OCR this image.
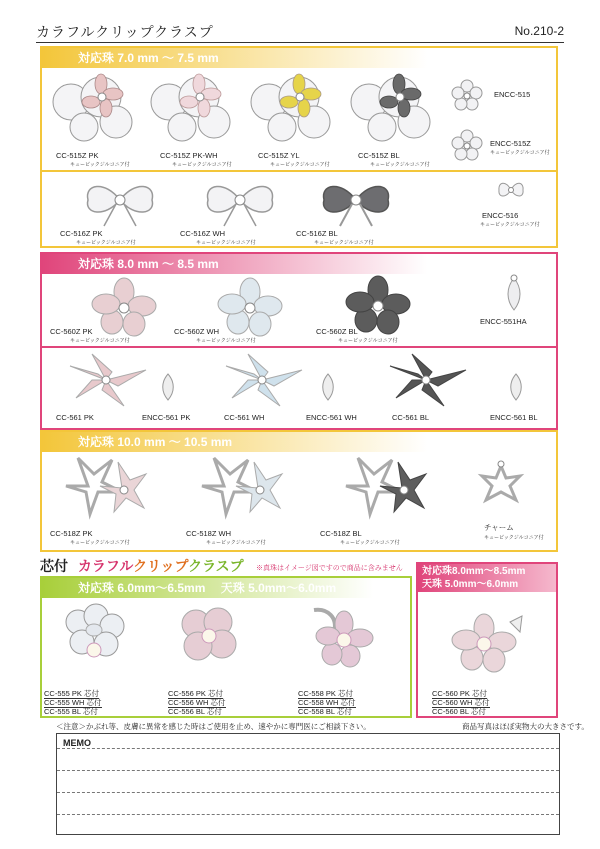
カラフルクリップクラスプ	No.210-2
対応珠 7.0 mm 〜 7.5 mm
CC-515Z PK
キュービックジルコニア付
CC-515Z PK-WH
キュービックジルコニア付
CC-515Z YL
キュービックジルコニア付
CC-515Z BL
キュービックジルコニア付
ENCC-515
ENCC-515Z
キュービックジルコニア付
CC-516Z PK
キュービックジルコニア付
CC-516Z WH
キュービックジルコニア付
CC-516Z BL
キュービックジルコニア付
ENCC-516
キュービックジルコニア付
対応珠 8.0 mm 〜 8.5 mm
CC-560Z PK
キュービックジルコニア付
CC-560Z WH
キュービックジルコニア付
CC-560Z BL
キュービックジルコニア付
ENCC-551HA
CC-561 PK	ENCC-561 PK	CC-561 WH	ENCC-561 WH	CC-561 BL	ENCC-561 BL
対応珠 10.0 mm 〜 10.5 mm
CC-518Z PK
キュービックジルコニア付
CC-518Z WH
キュービックジルコニア付
CC-518Z BL
キュービックジルコニア付
チャーム
キュービックジルコニア付
芯付 カラフルクリップクラスプ ※真珠はイメージ図ですので商品に含みません
対応珠 6.0mm〜6.5mm 天珠 5.0mm〜6.0mm
対応珠8.0mm〜8.5mm
天珠 5.0mm〜6.0mm
CC-555 PK 芯付
CC-555 WH 芯付
CC-555 BL 芯付
CC-556 PK 芯付
CC-556 WH 芯付
CC-556 BL 芯付
CC-558 PK 芯付
CC-558 WH 芯付
CC-558 BL 芯付
CC-560 PK 芯付
CC-560 WH 芯付
CC-560 BL 芯付
＜注意＞かぶれ等、皮膚に異常を感じた時はご使用を止め、速やかに専門医にご相談下さい。	商品写真はほぼ実物大の大きさです。
MEMO
